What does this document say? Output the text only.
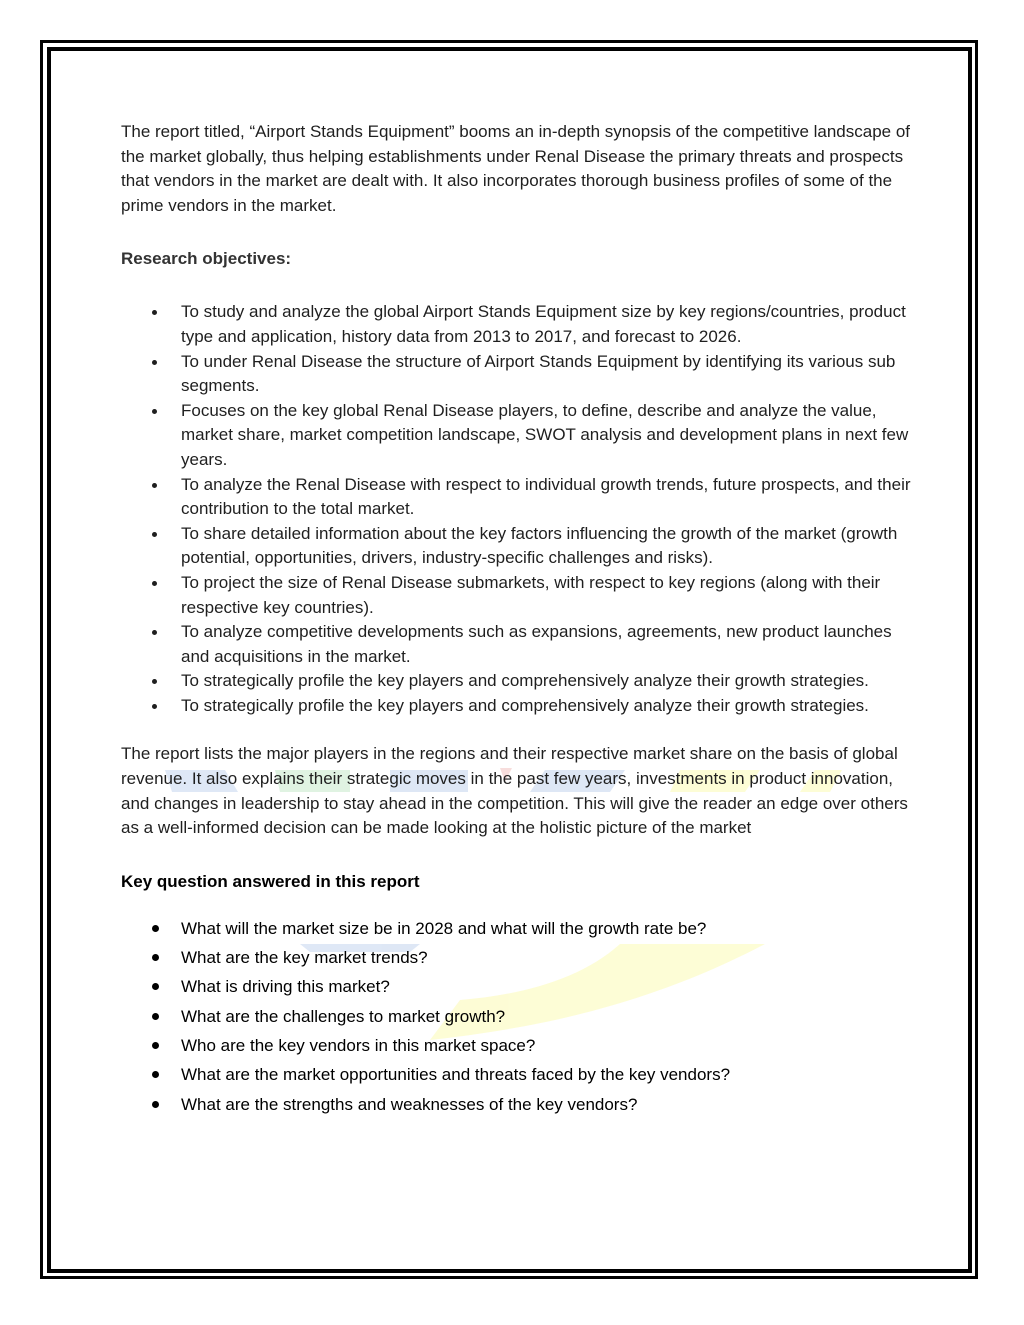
The report titled, “Airport Stands Equipment” booms an in-depth synopsis of the competitive landscape of the market globally, thus helping establishments under Renal Disease the primary threats and prospects that vendors in the market are dealt with. It also incorporates thorough business profiles of some of the prime vendors in the market.

Research objectives:
To study and analyze the global Airport Stands Equipment size by key regions/countries, product type and application, history data from 2013 to 2017, and forecast to 2026.
To under Renal Disease the structure of Airport Stands Equipment by identifying its various sub segments.
Focuses on the key global Renal Disease players, to define, describe and analyze the value, market share, market competition landscape, SWOT analysis and development plans in next few years.
To analyze the Renal Disease with respect to individual growth trends, future prospects, and their contribution to the total market.
To share detailed information about the key factors influencing the growth of the market (growth potential, opportunities, drivers, industry-specific challenges and risks).
To project the size of Renal Disease submarkets, with respect to key regions (along with their respective key countries).
To analyze competitive developments such as expansions, agreements, new product launches and acquisitions in the market.
To strategically profile the key players and comprehensively analyze their growth strategies.
To strategically profile the key players and comprehensively analyze their growth strategies.

The report lists the major players in the regions and their respective market share on the basis of global revenue. It also explains their strategic moves in the past few years, investments in product innovation, and changes in leadership to stay ahead in the competition. This will give the reader an edge over others as a well-informed decision can be made looking at the holistic picture of the market

Key question answered in this report
What will the market size be in 2028 and what will the growth rate be?
What are the key market trends?
What is driving this market?
What are the challenges to market growth?
Who are the key vendors in this market space?
What are the market opportunities and threats faced by the key vendors?
What are the strengths and weaknesses of the key vendors?
